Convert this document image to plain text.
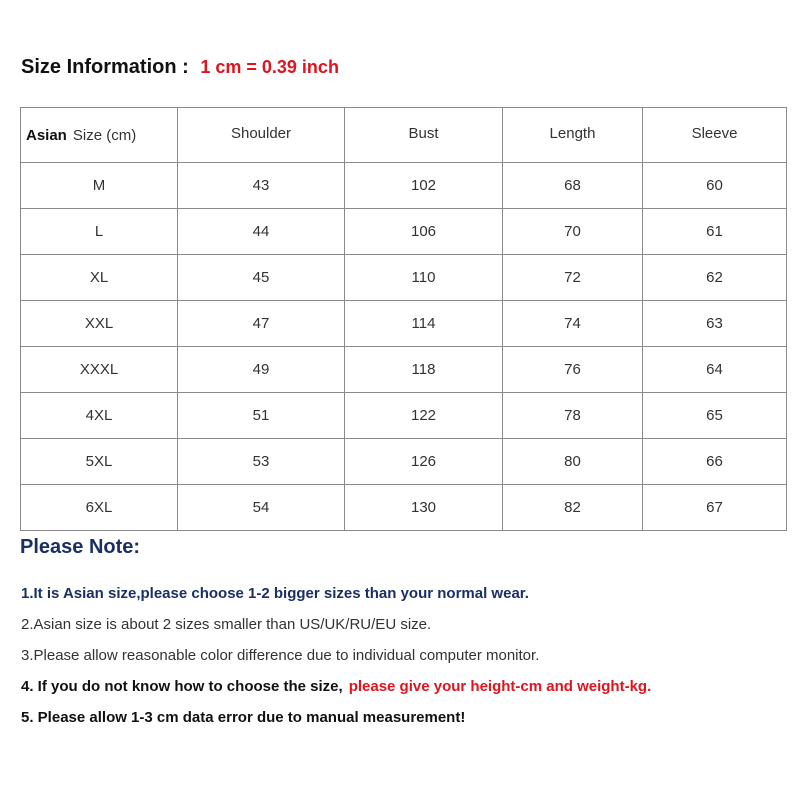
Size Information : 1 cm = 0.39 inch
Asian Size (cm)	Shoulder	Bust	Length	Sleeve
M	43	102	68	60
L	44	106	70	61
XL	45	110	72	62
XXL	47	114	74	63
XXXL	49	118	76	64
4XL	51	122	78	65
5XL	53	126	80	66
6XL	54	130	82	67
Please Note:
1.It is Asian size,please choose 1-2 bigger sizes than your normal wear.
2.Asian size is about 2 sizes smaller than US/UK/RU/EU size.
3.Please allow reasonable color difference due to individual computer monitor.
4. If you do not know how to choose the size, please give your height-cm and weight-kg.
5. Please allow 1-3 cm data error due to manual measurement!
